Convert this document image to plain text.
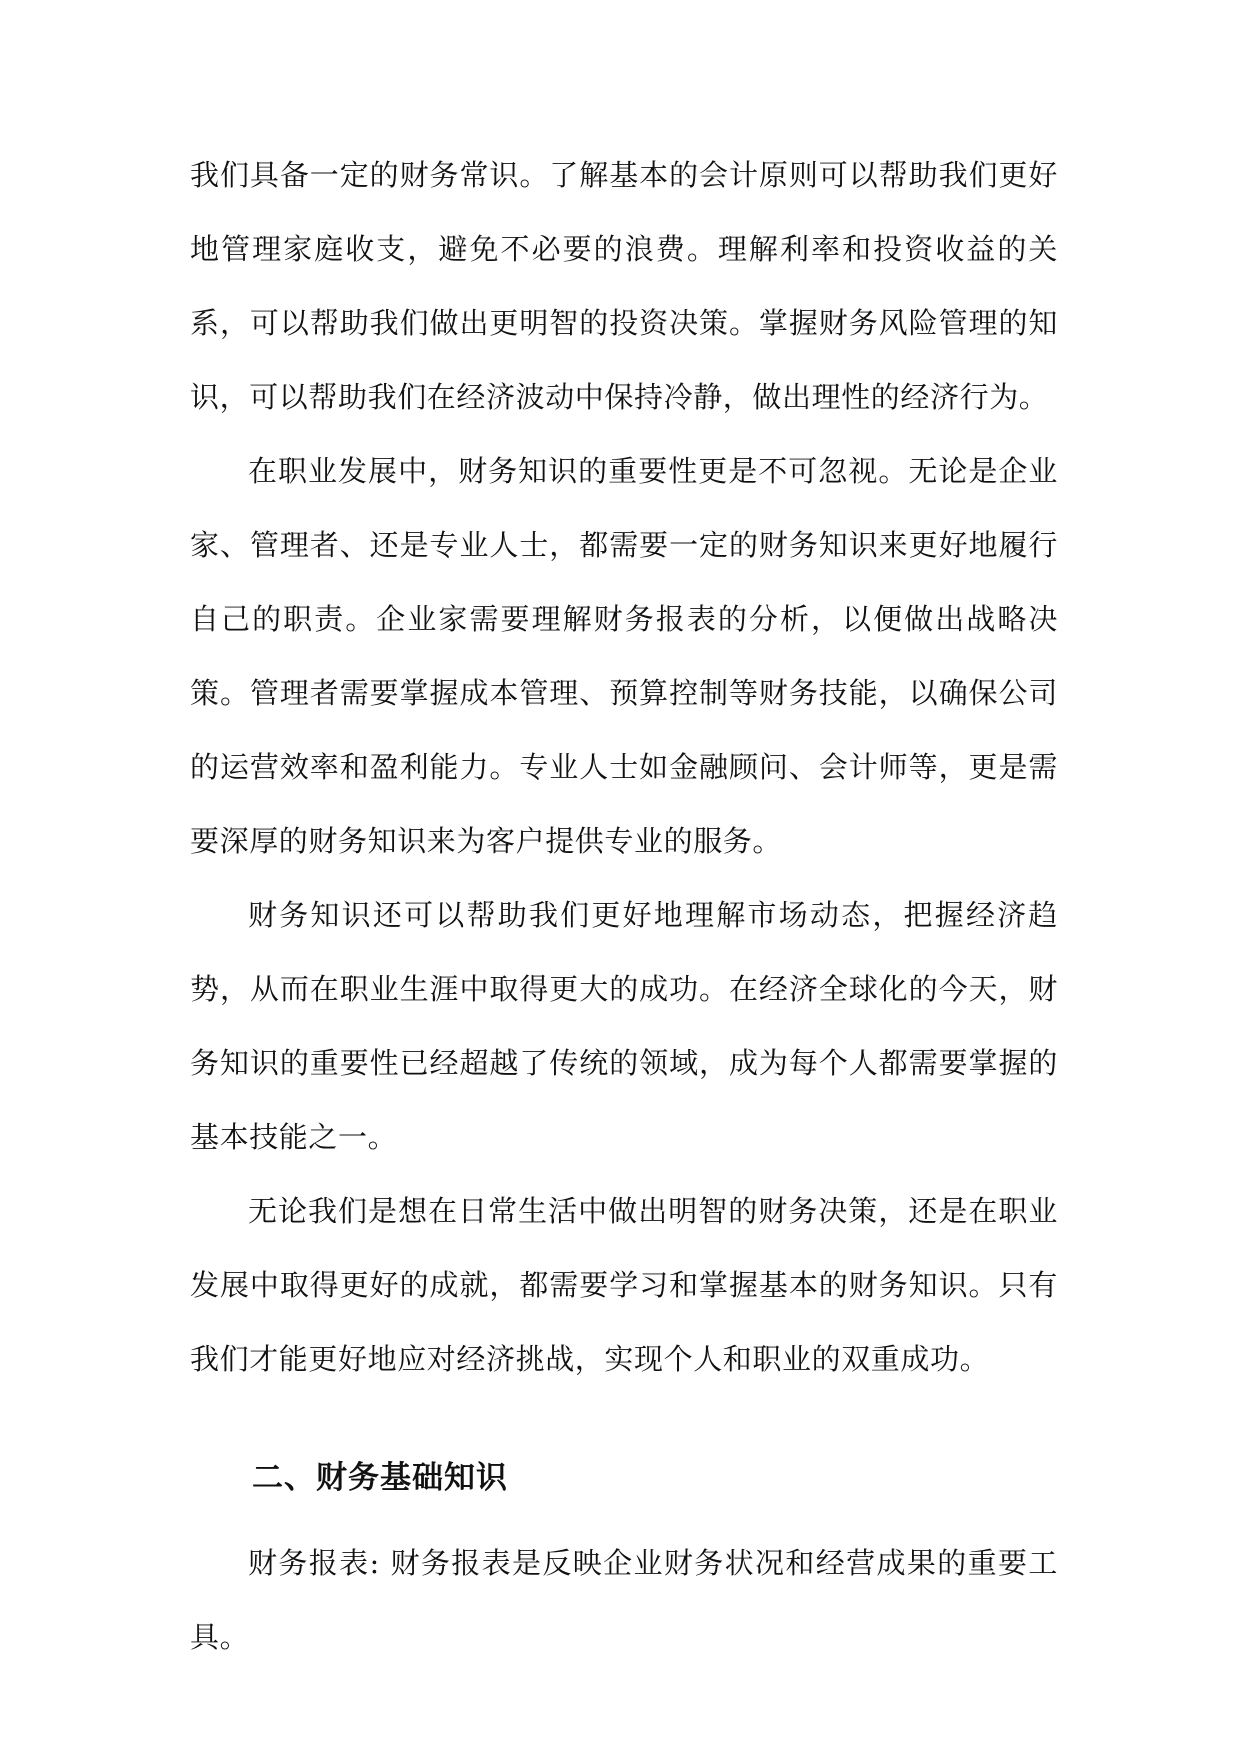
我们具备一定的财务常识。了解基本的会计原则可以帮助我们更好地管理家庭收支，避免不必要的浪费。理解利率和投资收益的关系，可以帮助我们做出更明智的投资决策。掌握财务风险管理的知识，可以帮助我们在经济波动中保持冷静，做出理性的经济行为。

在职业发展中，财务知识的重要性更是不可忽视。无论是企业家、管理者、还是专业人士，都需要一定的财务知识来更好地履行自己的职责。企业家需要理解财务报表的分析，以便做出战略决策。管理者需要掌握成本管理、预算控制等财务技能，以确保公司的运营效率和盈利能力。专业人士如金融顾问、会计师等，更是需要深厚的财务知识来为客户提供专业的服务。

财务知识还可以帮助我们更好地理解市场动态，把握经济趋势，从而在职业生涯中取得更大的成功。在经济全球化的今天，财务知识的重要性已经超越了传统的领域，成为每个人都需要掌握的基本技能之一。

无论我们是想在日常生活中做出明智的财务决策，还是在职业发展中取得更好的成就，都需要学习和掌握基本的财务知识。只有我们才能更好地应对经济挑战，实现个人和职业的双重成功。

二、财务基础知识

财务报表: 财务报表是反映企业财务状况和经营成果的重要工具。
